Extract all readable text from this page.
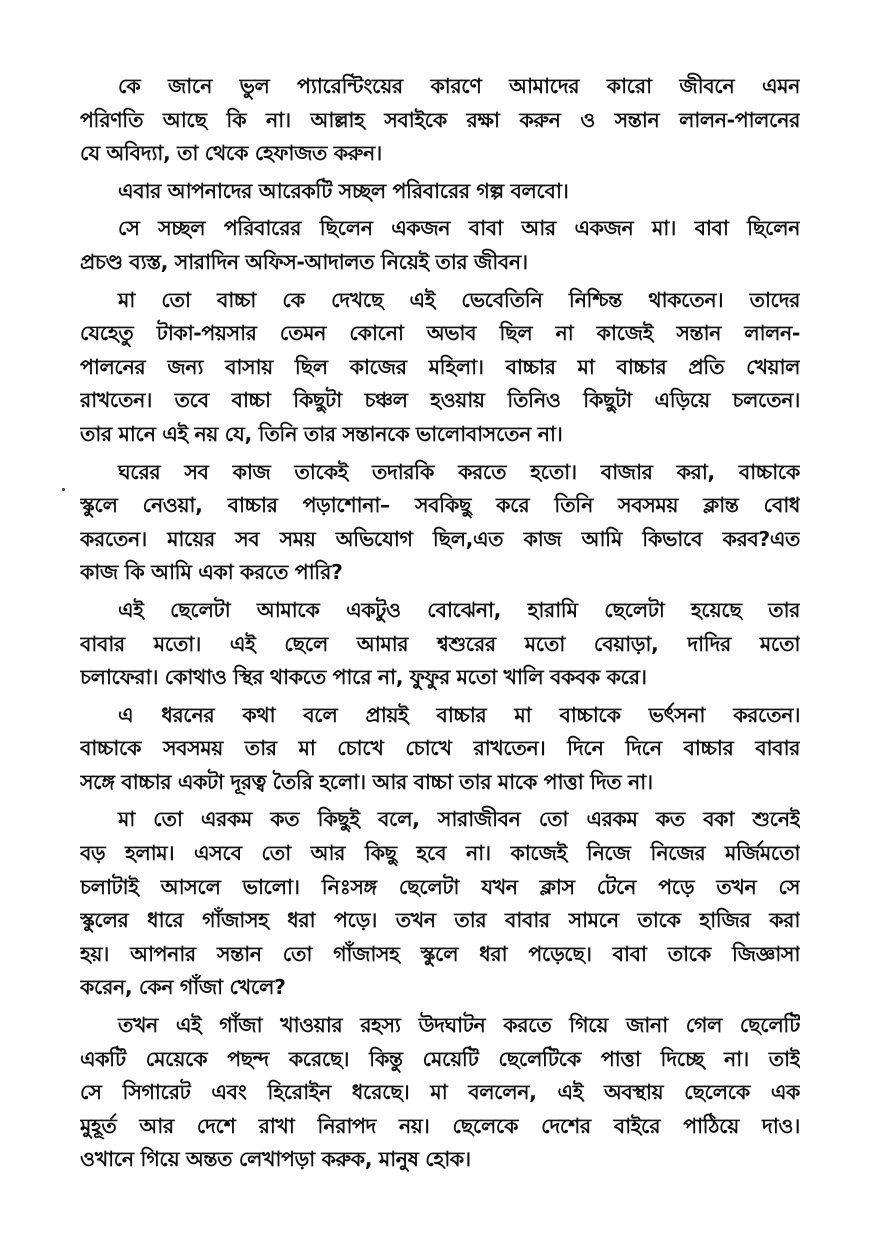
কে জানে ভুল প্যারেন্টিংয়ের কারণে আমাদের কারো জীবনে এমন
পরিণতি আছে কি না। আল্লাহ সবাইকে রক্ষা করুন ও সন্তান লালন-পালনের
যে অবিদ্যা, তা থেকে হেফাজত করুন।
এবার আপনাদের আরেকটি সচ্ছল পরিবারের গল্প বলবো।
সে সচ্ছল পরিবারের ছিলেন একজন বাবা আর একজন মা। বাবা ছিলেন
প্রচণ্ড ব্যস্ত, সারাদিন অফিস-আদালত নিয়েই তার জীবন।
মা তো বাচ্চা কে দেখছে এই ভেবেতিনি নিশ্চিন্ত থাকতেন। তাদের
যেহেতু টাকা-পয়সার তেমন কোনো অভাব ছিল না কাজেই সন্তান লালন-
পালনের জন্য বাসায় ছিল কাজের মহিলা। বাচ্চার মা বাচ্চার প্রতি খেয়াল
রাখতেন। তবে বাচ্চা কিছুটা চঞ্চল হওয়ায় তিনিও কিছুটা এড়িয়ে চলতেন।
তার মানে এই নয় যে, তিনি তার সন্তানকে ভালোবাসতেন না।
ঘরের সব কাজ তাকেই তদারকি করতে হতো। বাজার করা, বাচ্চাকে
স্কুলে নেওয়া, বাচ্চার পড়াশোনা– সবকিছু করে তিনি সবসময় ক্লান্ত বোধ
করতেন। মায়ের সব সময় অভিযোগ ছিল,এত কাজ আমি কিভাবে করব?এত
কাজ কি আমি একা করতে পারি?
এই ছেলেটা আমাকে একটুও বোঝেনা, হারামি ছেলেটা হয়েছে তার
বাবার মতো। এই ছেলে আমার শ্বশুরের মতো বেয়াড়া, দাদির মতো
চলাফেরা। কোথাও স্থির থাকতে পারে না, ফুফুর মতো খালি বকবক করে।
এ ধরনের কথা বলে প্রায়ই বাচ্চার মা বাচ্চাকে ভর্ৎসনা করতেন।
বাচ্চাকে সবসময় তার মা চোখে চোখে রাখতেন। দিনে দিনে বাচ্চার বাবার
সঙ্গে বাচ্চার একটা দূরত্ব তৈরি হলো। আর বাচ্চা তার মাকে পাত্তা দিত না।
মা তো এরকম কত কিছুই বলে, সারাজীবন তো এরকম কত বকা শুনেই
বড় হলাম। এসবে তো আর কিছু হবে না। কাজেই নিজে নিজের মর্জিমতো
চলাটাই আসলে ভালো। নিঃসঙ্গ ছেলেটা যখন ক্লাস টেনে পড়ে তখন সে
স্কুলের ধারে গাঁজাসহ ধরা পড়ে। তখন তার বাবার সামনে তাকে হাজির করা
হয়। আপনার সন্তান তো গাঁজাসহ স্কুলে ধরা পড়েছে। বাবা তাকে জিজ্ঞাসা
করেন, কেন গাঁজা খেলে?
তখন এই গাঁজা খাওয়ার রহস্য উদঘাটন করতে গিয়ে জানা গেল ছেলেটি
একটি মেয়েকে পছন্দ করেছে। কিন্তু মেয়েটি ছেলেটিকে পাত্তা দিচ্ছে না। তাই
সে সিগারেট এবং হিরোইন ধরেছে। মা বললেন, এই অবস্থায় ছেলেকে এক
মুহূর্ত আর দেশে রাখা নিরাপদ নয়। ছেলেকে দেশের বাইরে পাঠিয়ে দাও।
ওখানে গিয়ে অন্তত লেখাপড়া করুক, মানুষ হোক।
